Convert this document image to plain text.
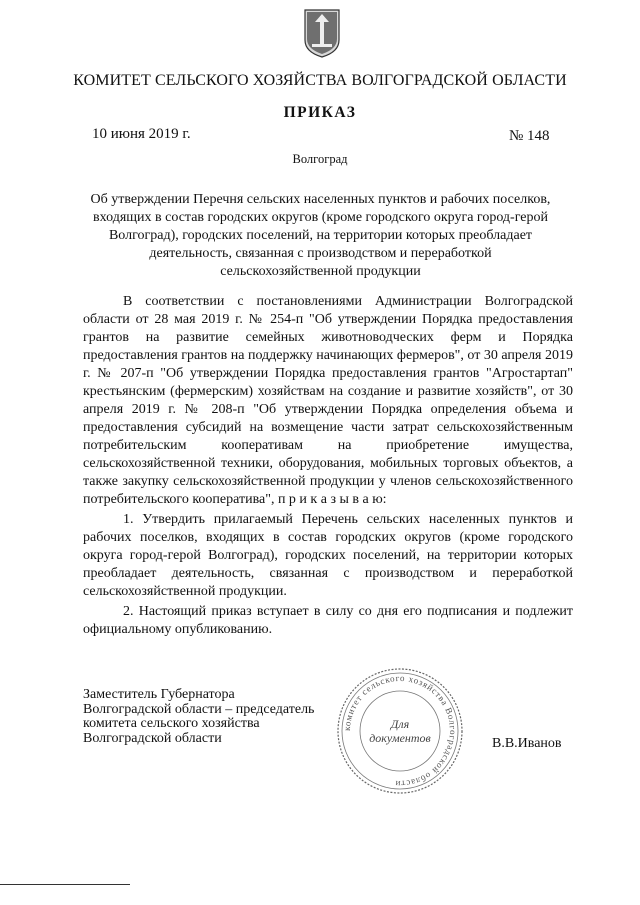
КОМИТЕТ СЕЛЬСКОГО ХОЗЯЙСТВА ВОЛГОГРАДСКОЙ ОБЛАСТИ
ПРИКАЗ
10 июня 2019 г.	№ 148
Волгоград
Об утверждении Перечня сельских населенных пунктов и рабочих поселков, входящих в состав городских округов (кроме городского округа город-герой Волгоград), городских поселений, на территории которых преобладает деятельность, связанная с производством и переработкой сельскохозяйственной продукции

В соответствии с постановлениями Администрации Волгоградской области от 28 мая 2019 г. № 254-п "Об утверждении Порядка предоставления грантов на развитие семейных животноводческих ферм и Порядка предоставления грантов на поддержку начинающих фермеров", от 30 апреля 2019 г. № 207-п "Об утверждении Порядка предоставления грантов "Агростартап" крестьянским (фермерским) хозяйствам на создание и развитие хозяйств", от 30 апреля 2019 г. № 208-п "Об утверждении Порядка определения объема и предоставления субсидий на возмещение части затрат сельскохозяйственным потребительским кооперативам на приобретение имущества, сельскохозяйственной техники, оборудования, мобильных торговых объектов, а также закупку сельскохозяйственной продукции у членов сельскохозяйственного потребительского кооператива", п р и к а з ы в а ю:

1. Утвердить прилагаемый Перечень сельских населенных пунктов и рабочих поселков, входящих в состав городских округов (кроме городского округа город-герой Волгоград), городских поселений, на территории которых преобладает деятельность, связанная с производством и переработкой сельскохозяйственной продукции.

2. Настоящий приказ вступает в силу со дня его подписания и подлежит официальному опубликованию.

Заместитель Губернатора
Волгоградской области – председатель
комитета сельского хозяйства
Волгоградской области	В.В.Иванов
комитет сельского хозяйства Волгоградской области
Для
документов
